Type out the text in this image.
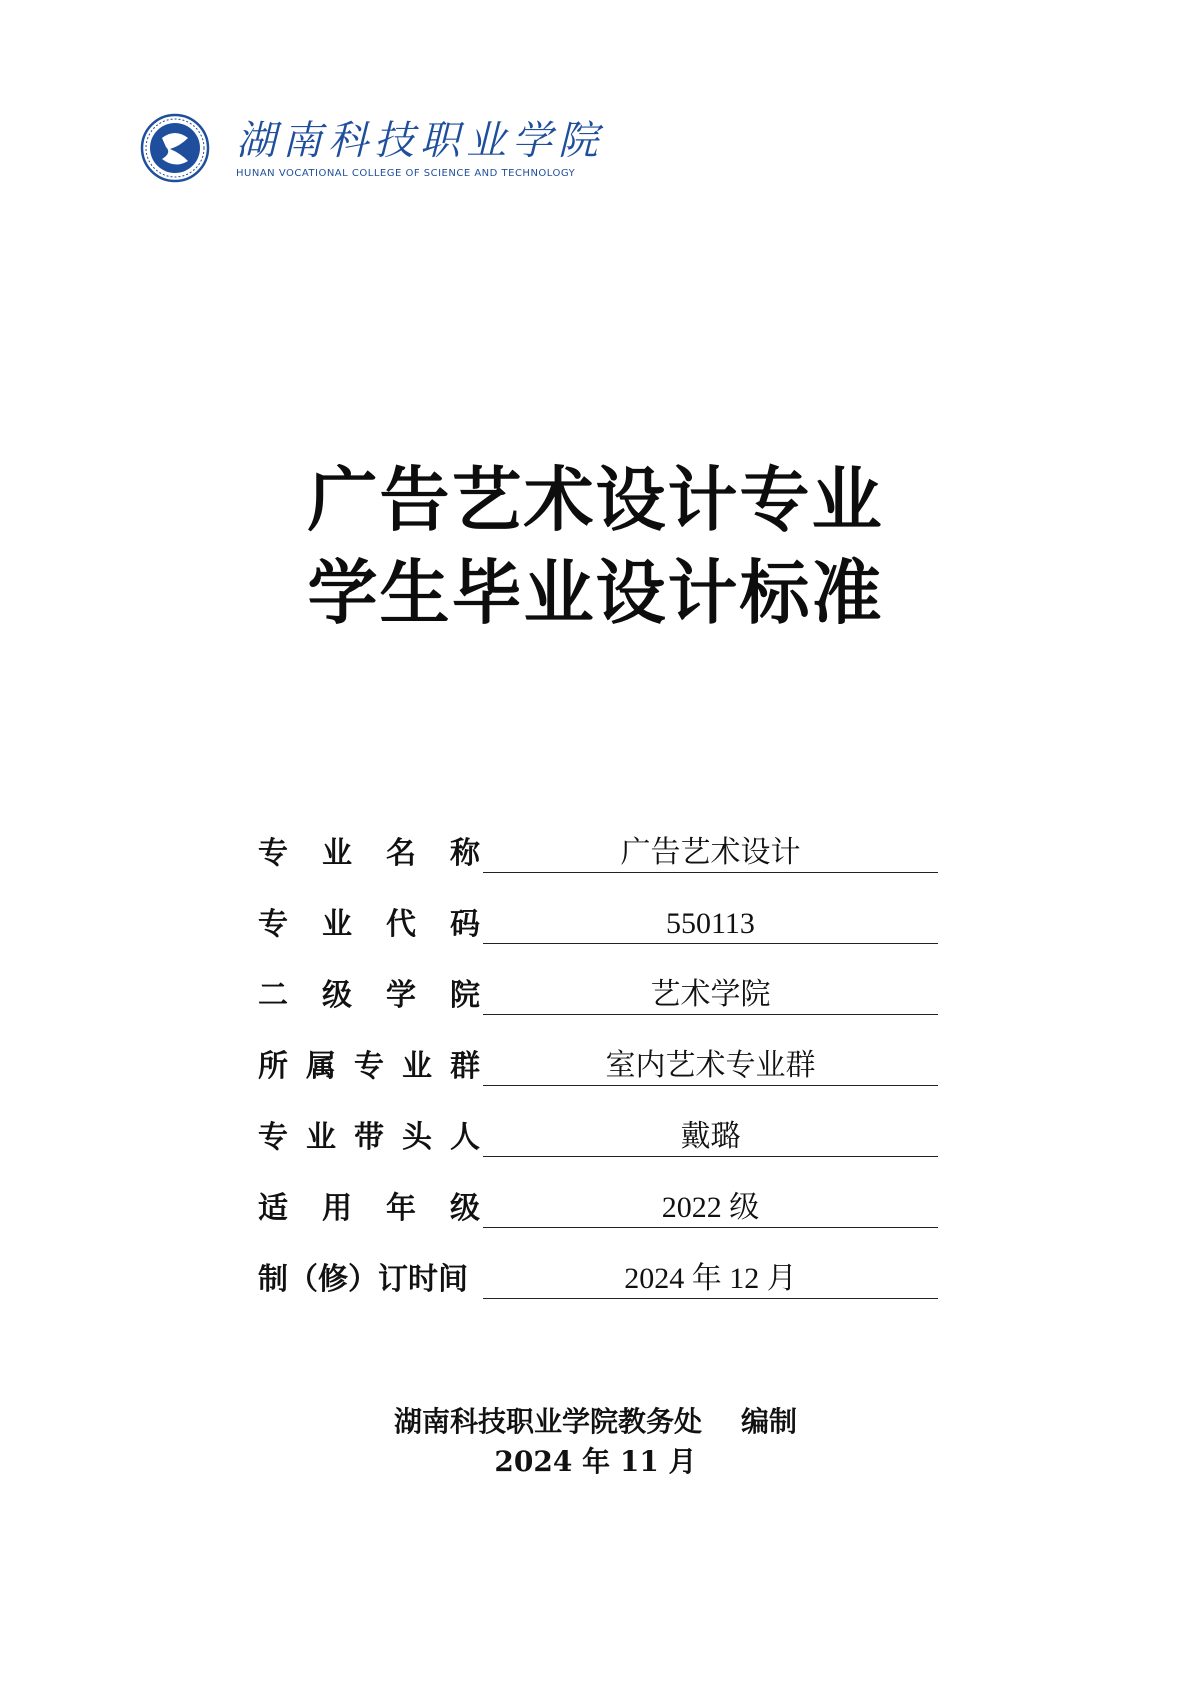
湖南科技职业学院
HUNAN VOCATIONAL COLLEGE OF SCIENCE AND TECHNOLOGY
广告艺术设计专业
学生毕业设计标准
专 业 名 称	广告艺术设计
专 业 代 码	550113
二 级 学 院	艺术学院
所 属 专 业 群	室内艺术专业群
专 业 带 头 人	戴璐
适 用 年 级	2022 级
制 （修） 订 时 间	2024 年 12 月
湖南科技职业学院教务处    编制
2024 年 11 月
